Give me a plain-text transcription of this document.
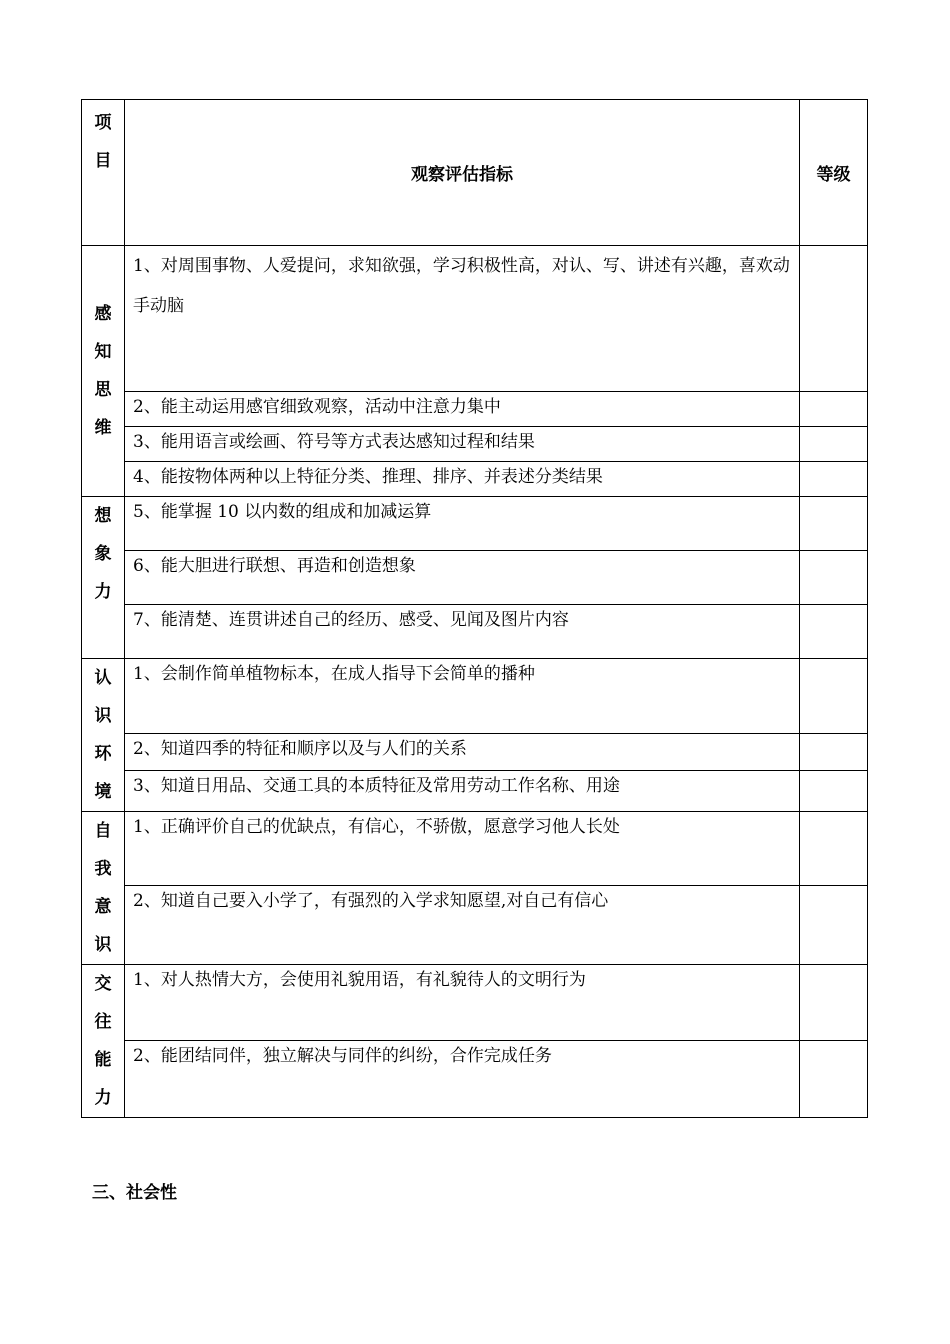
项
目	观察评估指标	等级

感
知
思
维	1、对周围事物、人爱提问，求知欲强，学习积极性高，对认、写、讲述有兴趣，喜欢动手动脑	

	2、能主动运用感官细致观察，活动中注意力集中	

	3、能用语言或绘画、符号等方式表达感知过程和结果	

	4、能按物体两种以上特征分类、推理、排序、并表述分类结果	

想
象
力	5、能掌握 10 以内数的组成和加减运算	

	6、能大胆进行联想、再造和创造想象	

	7、能清楚、连贯讲述自己的经历、感受、见闻及图片内容	

认
识
环
境	1、会制作简单植物标本，在成人指导下会简单的播种	

	2、知道四季的特征和顺序以及与人们的关系	

	3、知道日用品、交通工具的本质特征及常用劳动工作名称、用途	

自
我
意
识	1、正确评价自己的优缺点，有信心，不骄傲，愿意学习他人长处	

	2、知道自己要入小学了，有强烈的入学求知愿望,对自己有信心	

交
往
能
力	1、对人热情大方，会使用礼貌用语，有礼貌待人的文明行为	

	2、能团结同伴，独立解决与同伴的纠纷，合作完成任务	

三、社会性
